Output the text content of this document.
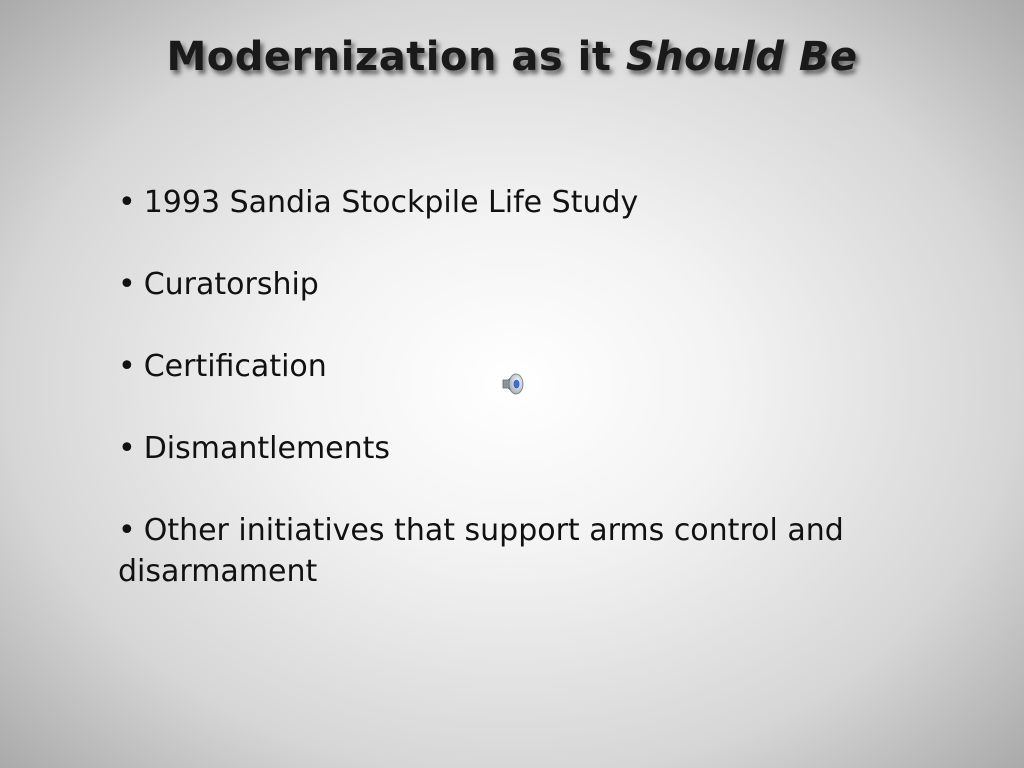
Modernization as it Should Be
• 1993 Sandia Stockpile Life Study
• Curatorship
• Certification
• Dismantlements
• Other initiatives that support arms control and disarmament
